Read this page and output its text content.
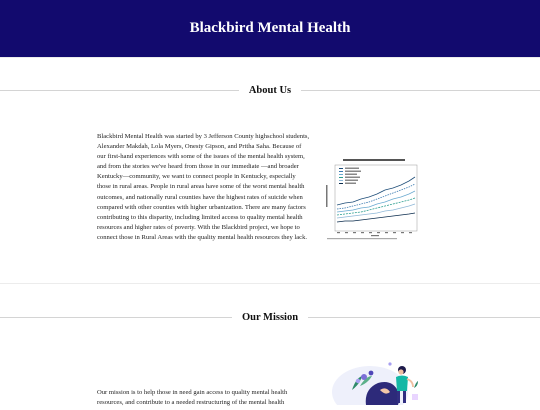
Blackbird Mental Health
About Us

Blackbird Mental Health was started by 3 Jefferson County highschool students, Alexander Makdah, Lola Myers, Onesty Gipson, and Pritha Saha. Because of our first-hand experiences with some of the issues of the mental health system, and from the stories we've heard from those in our immediate —and broader Kentucky—community, we want to connect people in Kentucky, especially those in rural areas. People in rural areas have some of the worst mental health outcomes, and nationally rural counties have the highest rates of suicide when compared with other counties with higher urbanization. There are many factors contributing to this disparity, including limited access to quality mental health resources and higher rates of poverty. With the Blackbird project, we hope to connect those in Rural Areas with the quality mental health resources they lack.

Our Mission

Our mission is to help those in need gain access to quality mental health resources, and contribute to a needed restructuring of the mental health
